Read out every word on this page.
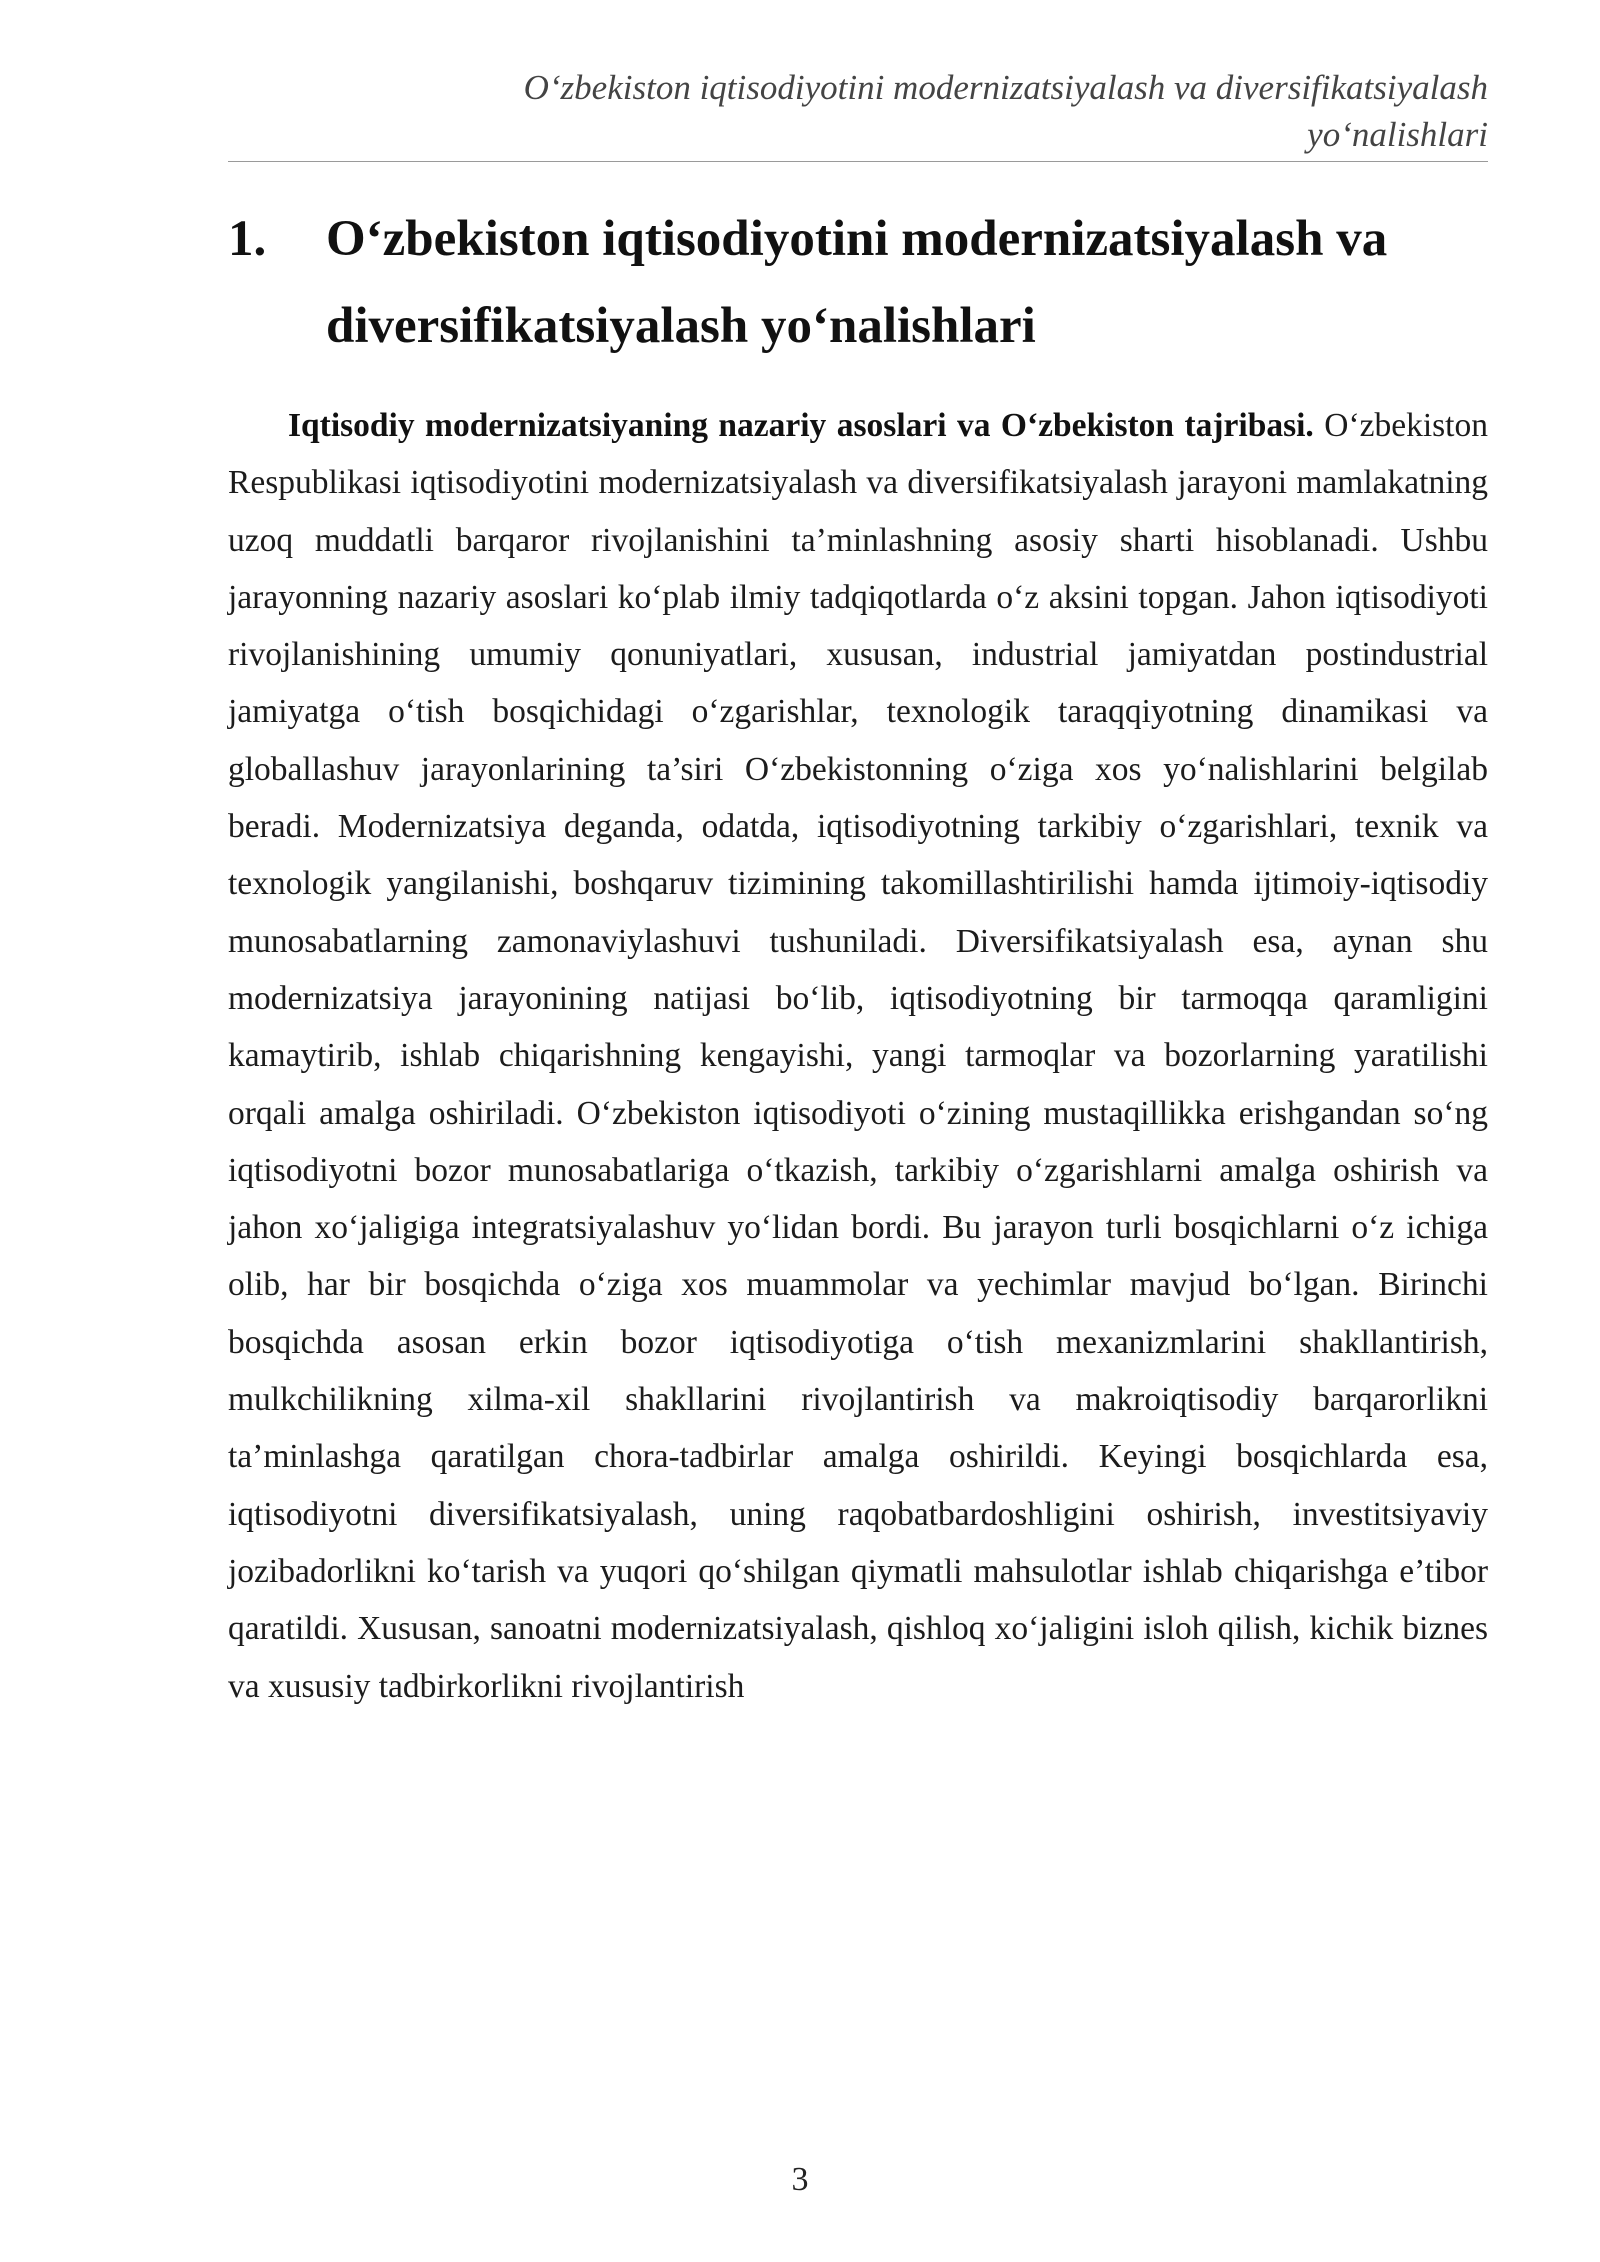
O‘zbekiston iqtisodiyotini modernizatsiyalash va diversifikatsiyalash
yo‘nalishlari
1. O‘zbekiston iqtisodiyotini modernizatsiyalash va diversifikatsiyalash yo‘nalishlari

Iqtisodiy modernizatsiyaning nazariy asoslari va O‘zbekiston tajribasi. O‘zbekiston Respublikasi iqtisodiyotini modernizatsiyalash va diversifikatsiyalash jarayoni mamlakatning uzoq muddatli barqaror rivojlanishini ta’minlashning asosiy sharti hisoblanadi. Ushbu jarayonning nazariy asoslari ko‘plab ilmiy tadqiqotlarda o‘z aksini topgan. Jahon iqtisodiyoti rivojlanishining umumiy qonuniyatlari, xususan, industrial jamiyatdan postindustrial jamiyatga o‘tish bosqichidagi o‘zgarishlar, texnologik taraqqiyotning dinamikasi va globallashuv jarayonlarining ta’siri O‘zbekistonning o‘ziga xos yo‘nalishlarini belgilab beradi. Modernizatsiya deganda, odatda, iqtisodiyotning tarkibiy o‘zgarishlari, texnik va texnologik yangilanishi, boshqaruv tizimining takomillashtirilishi hamda ijtimoiy-iqtisodiy munosabatlarning zamonaviylashuvi tushuniladi. Diversifikatsiyalash esa, aynan shu modernizatsiya jarayonining natijasi bo‘lib, iqtisodiyotning bir tarmoqqa qaramligini kamaytirib, ishlab chiqarishning kengayishi, yangi tarmoqlar va bozorlarning yaratilishi orqali amalga oshiriladi. O‘zbekiston iqtisodiyoti o‘zining mustaqillikka erishgandan so‘ng iqtisodiyotni bozor munosabatlariga o‘tkazish, tarkibiy o‘zgarishlarni amalga oshirish va jahon xo‘jaligiga integratsiyalashuv yo‘lidan bordi. Bu jarayon turli bosqichlarni o‘z ichiga olib, har bir bosqichda o‘ziga xos muammolar va yechimlar mavjud bo‘lgan. Birinchi bosqichda asosan erkin bozor iqtisodiyotiga o‘tish mexanizmlarini shakllantirish, mulkchilikning xilma-xil shakllarini rivojlantirish va makroiqtisodiy barqarorlikni ta’minlashga qaratilgan chora-tadbirlar amalga oshirildi. Keyingi bosqichlarda esa, iqtisodiyotni diversifikatsiyalash, uning raqobatbardoshligini oshirish, investitsiyaviy jozibadorlikni ko‘tarish va yuqori qo‘shilgan qiymatli mahsulotlar ishlab chiqarishga e’tibor qaratildi. Xususan, sanoatni modernizatsiyalash, qishloq xo‘jaligini isloh qilish, kichik biznes va xususiy tadbirkorlikni rivojlantirish

3
